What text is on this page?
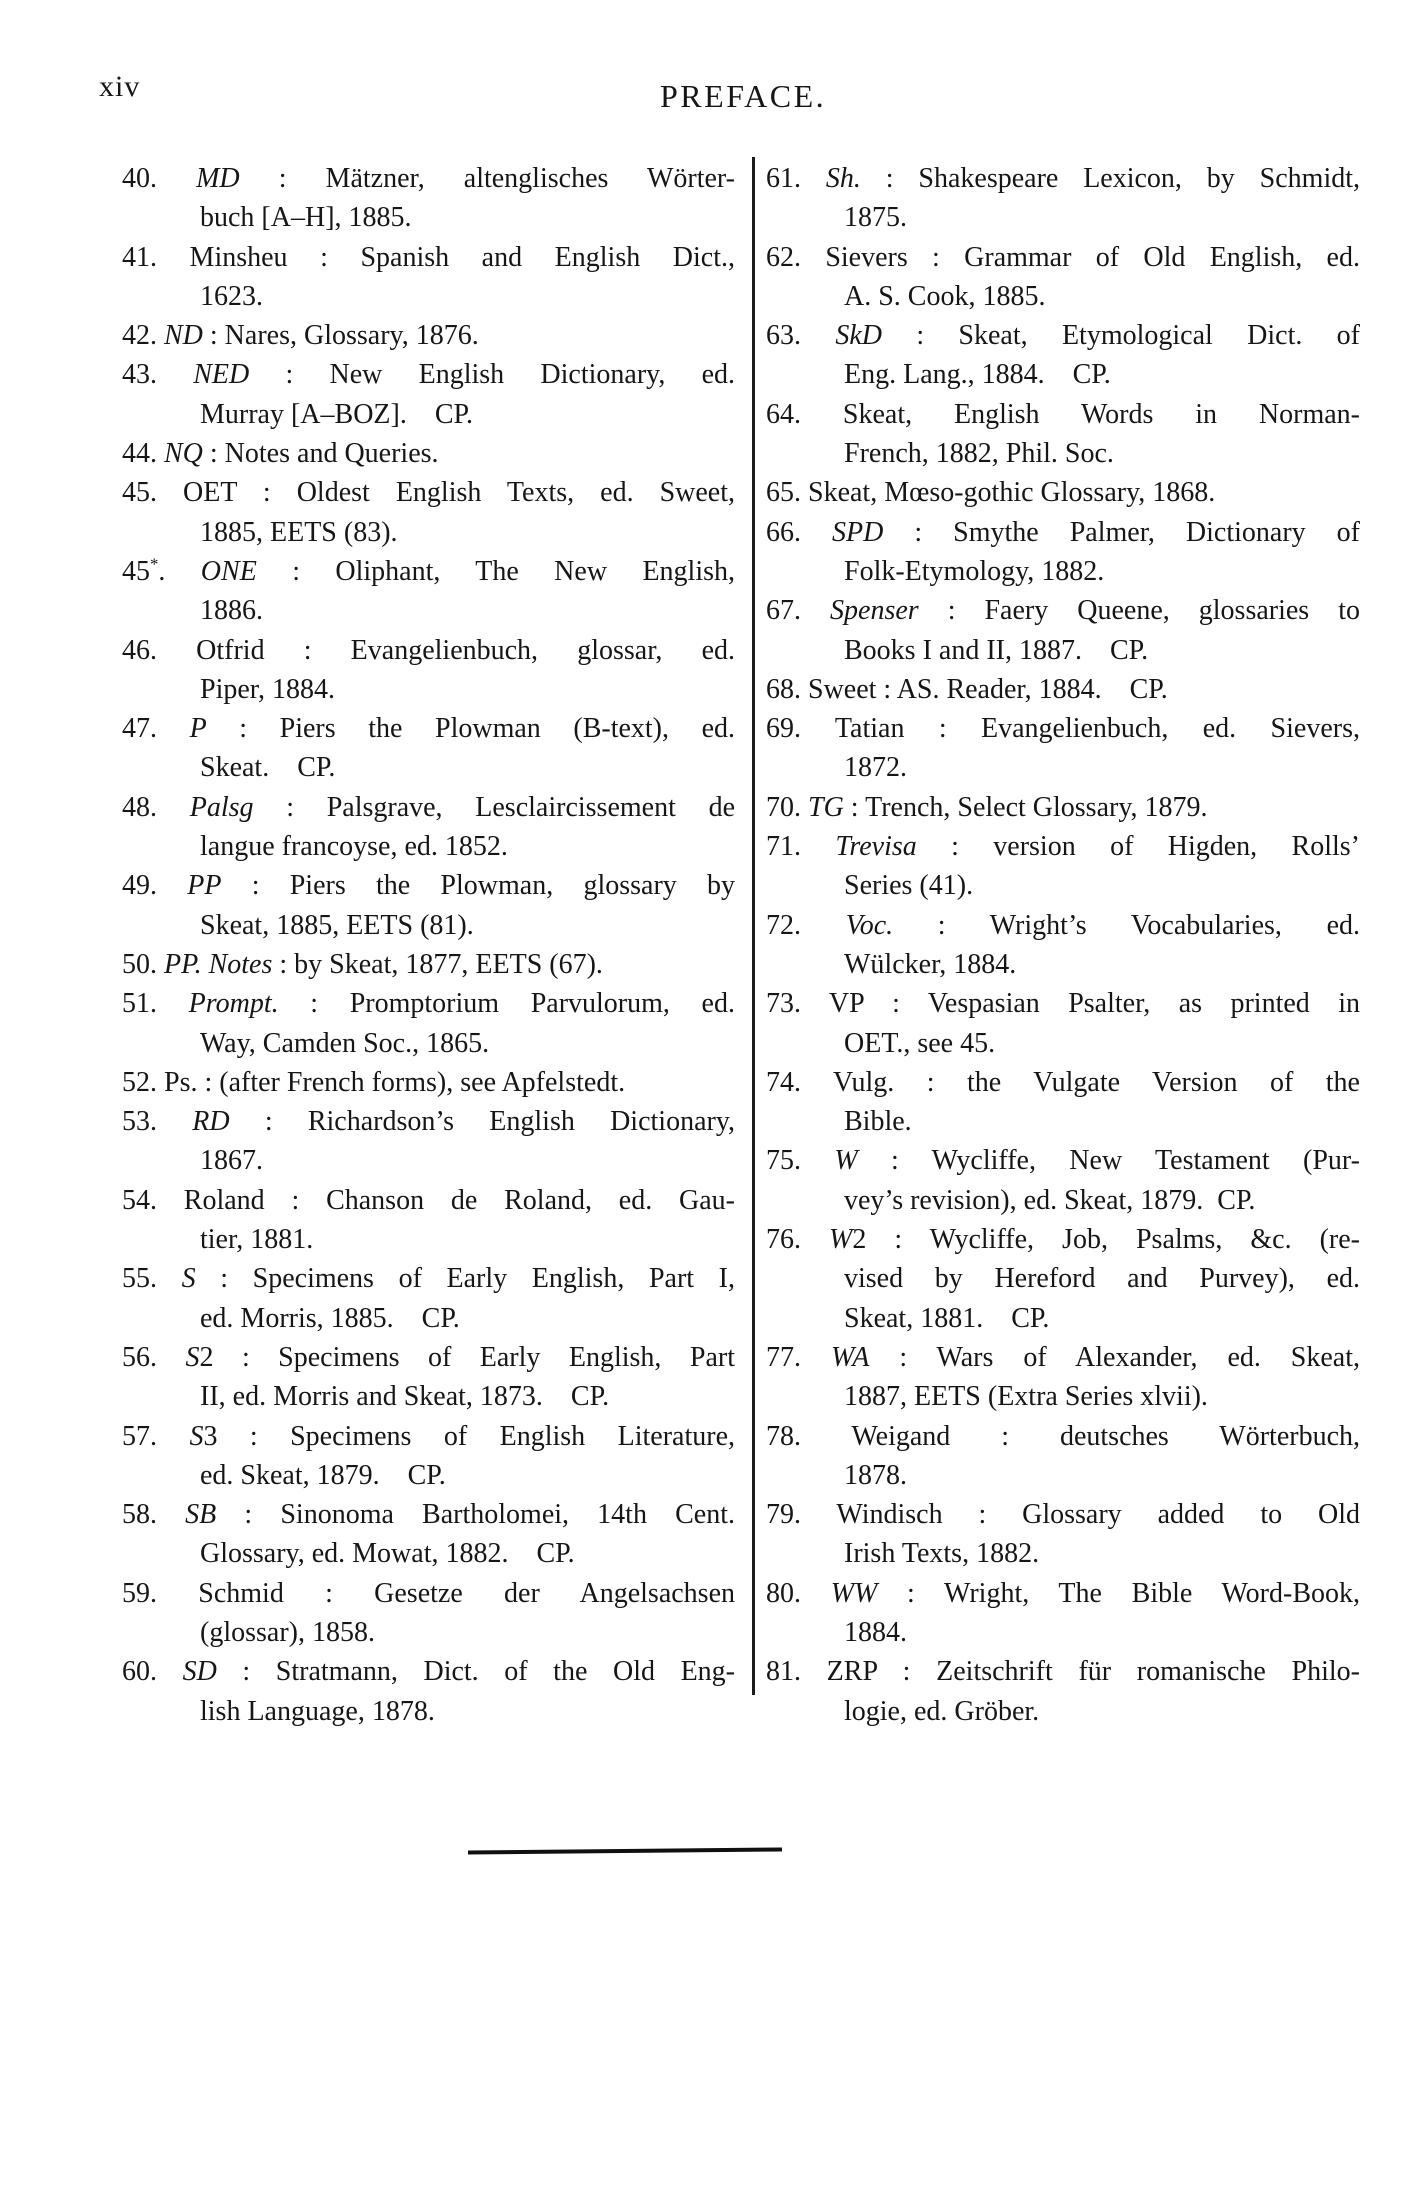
xiv	PREFACE.
40. MD : Mätzner, altenglisches Wörter-
buch [A–H], 1885.
41. Minsheu : Spanish and English Dict.,
1623.
42. ND : Nares, Glossary, 1876.
43. NED : New English Dictionary, ed.
Murray [A–BOZ].  CP.
44. NQ : Notes and Queries.
45. OET : Oldest English Texts, ed. Sweet,
1885, EETS (83).
45*. ONE : Oliphant, The New English,
1886.
46. Otfrid : Evangelienbuch, glossar, ed.
Piper, 1884.
47. P : Piers the Plowman (B-text), ed.
Skeat.  CP.
48. Palsg : Palsgrave, Lesclaircissement de
langue francoyse, ed. 1852.
49. PP : Piers the Plowman, glossary by
Skeat, 1885, EETS (81).
50. PP. Notes : by Skeat, 1877, EETS (67).
51. Prompt. : Promptorium Parvulorum, ed.
Way, Camden Soc., 1865.
52. Ps. : (after French forms), see Apfelstedt.
53. RD : Richardson’s English Dictionary,
1867.
54. Roland : Chanson de Roland, ed. Gau-
tier, 1881.
55. S : Specimens of Early English, Part I,
ed. Morris, 1885.  CP.
56. S2 : Specimens of Early English, Part
II, ed. Morris and Skeat, 1873.  CP.
57. S3 : Specimens of English Literature,
ed. Skeat, 1879.  CP.
58. SB : Sinonoma Bartholomei, 14th Cent.
Glossary, ed. Mowat, 1882.  CP.
59. Schmid : Gesetze der Angelsachsen
(glossar), 1858.
60. SD : Stratmann, Dict. of the Old Eng-
lish Language, 1878.
61. Sh. : Shakespeare Lexicon, by Schmidt,
1875.
62. Sievers : Grammar of Old English, ed.
A. S. Cook, 1885.
63. SkD : Skeat, Etymological Dict. of
Eng. Lang., 1884.  CP.
64. Skeat, English Words in Norman-
French, 1882, Phil. Soc.
65. Skeat, Mœso-gothic Glossary, 1868.
66. SPD : Smythe Palmer, Dictionary of
Folk-Etymology, 1882.
67. Spenser : Faery Queene, glossaries to
Books I and II, 1887.  CP.
68. Sweet : AS. Reader, 1884.  CP.
69. Tatian : Evangelienbuch, ed. Sievers,
1872.
70. TG : Trench, Select Glossary, 1879.
71. Trevisa : version of Higden, Rolls’
Series (41).
72. Voc. : Wright’s Vocabularies, ed.
Wülcker, 1884.
73. VP : Vespasian Psalter, as printed in
OET., see 45.
74. Vulg. : the Vulgate Version of the
Bible.
75. W : Wycliffe, New Testament (Pur-
vey’s revision), ed. Skeat, 1879. CP.
76. W2 : Wycliffe, Job, Psalms, &c. (re-
vised by Hereford and Purvey), ed.
Skeat, 1881.  CP.
77. WA : Wars of Alexander, ed. Skeat,
1887, EETS (Extra Series xlvii).
78. Weigand : deutsches Wörterbuch,
1878.
79. Windisch : Glossary added to Old
Irish Texts, 1882.
80. WW : Wright, The Bible Word-Book,
1884.
81. ZRP : Zeitschrift für romanische Philo-
logie, ed. Gröber.
